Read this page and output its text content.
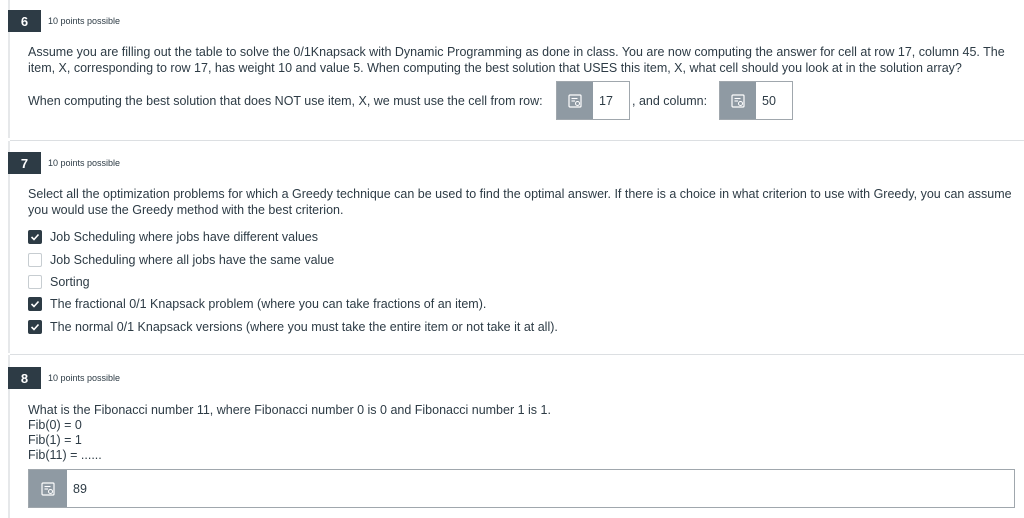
6	10 points possible
Assume you are filling out the table to solve the 0/1Knapsack with Dynamic Programming as done in class. You are now computing the answer for cell at row 17, column 45. The
item, X, corresponding to row 17, has weight 10 and value 5. When computing the best solution that USES this item, X, what cell should you look at in the solution array?
When computing the best solution that does NOT use item, X, we must use the cell from row:	17	, and column:	50
7	10 points possible
Select all the optimization problems for which a Greedy technique can be used to find the optimal answer. If there is a choice in what criterion to use with Greedy, you can assume
you would use the Greedy method with the best criterion.
Job Scheduling where jobs have different values
Job Scheduling where all jobs have the same value
Sorting
The fractional 0/1 Knapsack problem (where you can take fractions of an item).
The normal 0/1 Knapsack versions (where you must take the entire item or not take it at all).
8	10 points possible
What is the Fibonacci number 11, where Fibonacci number 0 is 0 and Fibonacci number 1 is 1.
Fib(0) = 0
Fib(1) = 1
Fib(11) = ......
89
